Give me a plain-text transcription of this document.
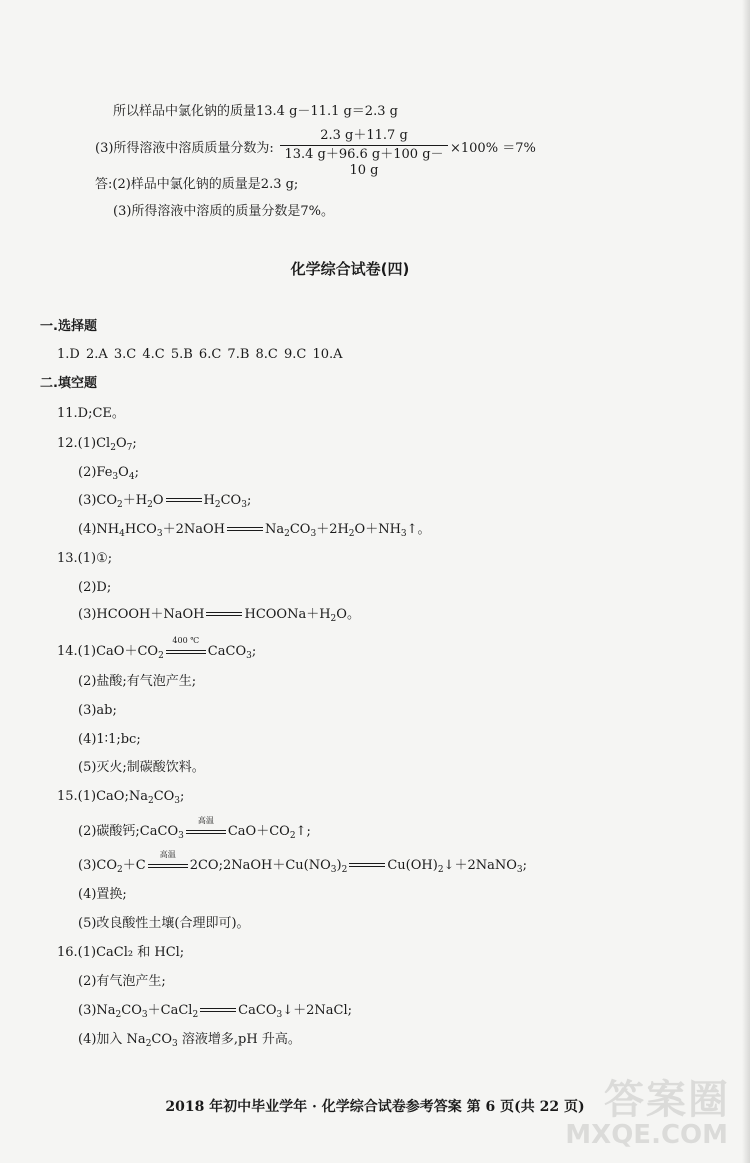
所以样品中氯化钠的质量13.4 g－11.1 g＝2.3 g
(3)所得溶液中溶质质量分数为: $\frac{2.3 g+11.7 g}{13.4 g+96.6 g+100 g-10 g} \times 100\% =7\%$
答:(2)样品中氯化钠的质量是2.3 g;
(3)所得溶液中溶质的质量分数是7%。
化学综合试卷(四)
一.选择题
1.D 2.A 3.C 4.C 5.B 6.C 7.B 8.C 9.C 10.A
二.填空题
11.D;CE。
$12.(1)Cl_2O_7$;
$(2)Fe_3O_4$;
$(3)CO_2+H_2O$	$H_2CO_3$;
$(4)NH_4HCO_3+2NaOH$	$Na_2CO_3+2H_2O+NH_3↑$。
13.(1)①;
(2)D;
(3)HCOOH＋NaOH	$HCOONa+H_2O$。
$14.(1)CaO+CO_2$
400 ℃
CaCO$_3$;
(2)盐酸;有气泡产生;
(3)ab;
(4)1∶1;bc;
(5)灭火;制碳酸饮料。
$15.(1)CaO;Na_2CO_3$;
(2)碳酸钙;CaCO$_3$
高温
$CaO+CO_2↑$;
$(3)CO_2+C$
高温
$2CO;2NaOH+Cu(NO_3)_2$	$Cu(OH)_2↓+2NaNO_3$;
(4)置换;
(5)改良酸性土壤(合理即可)。
16.(1)CaCl₂ 和 HCl;
(2)有气泡产生;
$(3)Na_2CO_3+CaCl_2$	CaCO$_3$↓＋2NaCl;
(4)加入 $Na_2CO_3$ 溶液增多,pH 升高。
2018 年初中毕业学年 · 化学综合试卷参考答案 第 6 页(共 22 页) 答案圈
MXQE.COM
